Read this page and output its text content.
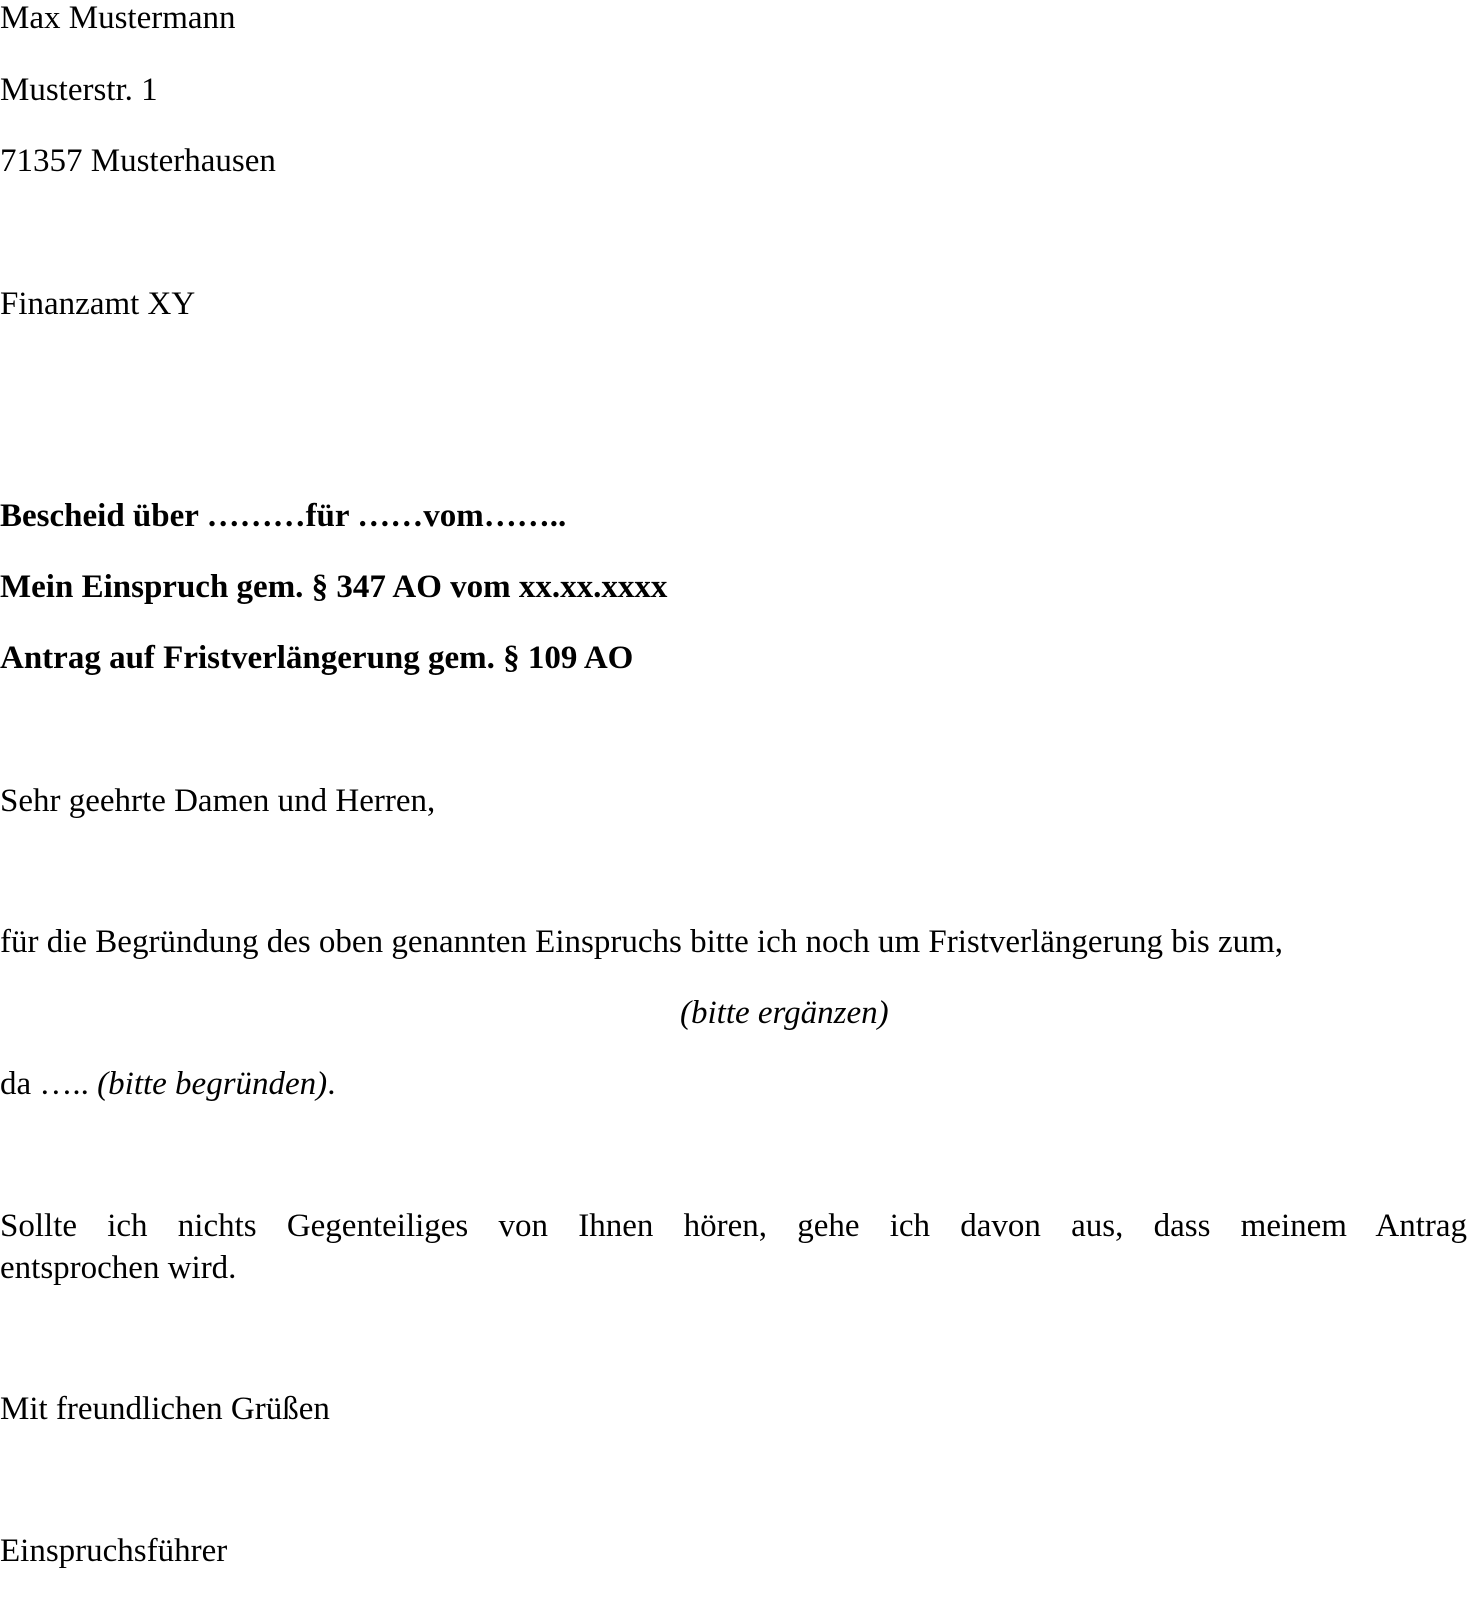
Max Mustermann

Musterstr. 1

71357 Musterhausen

Finanzamt XY

Bescheid über ………für ……vom……..

Mein Einspruch gem. § 347 AO vom xx.xx.xxxx

Antrag auf Fristverlängerung gem. § 109 AO

Sehr geehrte Damen und Herren,

für die Begründung des oben genannten Einspruchs bitte ich noch um Fristverlängerung bis zum,

(bitte ergänzen)

da ….. (bitte begründen).

Sollte ich nichts Gegenteiliges von Ihnen hören, gehe ich davon aus, dass meinem Antrag

entsprochen wird.

Mit freundlichen Grüßen

Einspruchsführer
